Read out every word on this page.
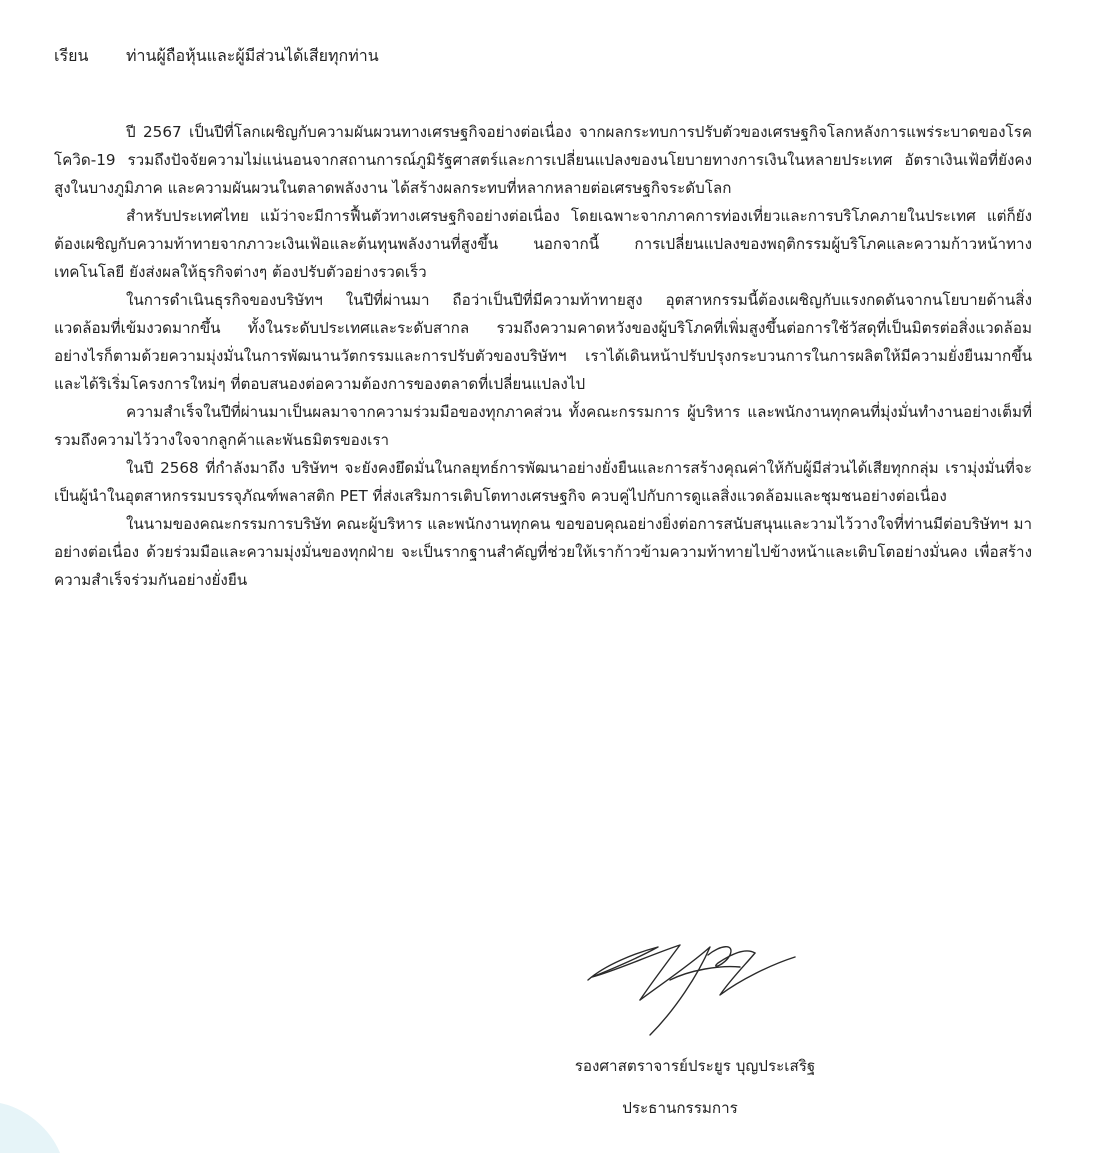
เรียน ท่านผู้ถือหุ้นและผู้มีส่วนได้เสียทุกท่าน

ปี 2567 เป็นปีที่โลกเผชิญกับความผันผวนทางเศรษฐกิจอย่างต่อเนื่อง จากผลกระทบการปรับตัวของเศรษฐกิจโลกหลังการแพร่ระบาดของโรคโควิด-19 รวมถึงปัจจัยความไม่แน่นอนจากสถานการณ์ภูมิรัฐศาสตร์และการเปลี่ยนแปลงของนโยบายทางการเงินในหลายประเทศ อัตราเงินเฟ้อที่ยังคงสูงในบางภูมิภาค และความผันผวนในตลาดพลังงาน ได้สร้างผลกระทบที่หลากหลายต่อเศรษฐกิจระดับโลก

สำหรับประเทศไทย แม้ว่าจะมีการฟื้นตัวทางเศรษฐกิจอย่างต่อเนื่อง โดยเฉพาะจากภาคการท่องเที่ยวและการบริโภคภายในประเทศ แต่ก็ยังต้องเผชิญกับความท้าทายจากภาวะเงินเฟ้อและต้นทุนพลังงานที่สูงขึ้น นอกจากนี้ การเปลี่ยนแปลงของพฤติกรรมผู้บริโภคและความก้าวหน้าทางเทคโนโลยี ยังส่งผลให้ธุรกิจต่างๆ ต้องปรับตัวอย่างรวดเร็ว

ในการดำเนินธุรกิจของบริษัทฯ ในปีที่ผ่านมา ถือว่าเป็นปีที่มีความท้าทายสูง อุตสาหกรรมนี้ต้องเผชิญกับแรงกดดันจากนโยบายด้านสิ่งแวดล้อมที่เข้มงวดมากขึ้น ทั้งในระดับประเทศและระดับสากล รวมถึงความคาดหวังของผู้บริโภคที่เพิ่มสูงขึ้นต่อการใช้วัสดุที่เป็นมิตรต่อสิ่งแวดล้อม อย่างไรก็ตามด้วยความมุ่งมั่นในการพัฒนานวัตกรรมและการปรับตัวของบริษัทฯ เราได้เดินหน้าปรับปรุงกระบวนการในการผลิตให้มีความยั่งยืนมากขึ้น และได้ริเริ่มโครงการใหม่ๆ ที่ตอบสนองต่อความต้องการของตลาดที่เปลี่ยนแปลงไป

ความสำเร็จในปีที่ผ่านมาเป็นผลมาจากความร่วมมือของทุกภาคส่วน ทั้งคณะกรรมการ ผู้บริหาร และพนักงานทุกคนที่มุ่งมั่นทำงานอย่างเต็มที่ รวมถึงความไว้วางใจจากลูกค้าและพันธมิตรของเรา

ในปี 2568 ที่กำลังมาถึง บริษัทฯ จะยังคงยึดมั่นในกลยุทธ์การพัฒนาอย่างยั่งยืนและการสร้างคุณค่าให้กับผู้มีส่วนได้เสียทุกกลุ่ม เรามุ่งมั่นที่จะเป็นผู้นำในอุตสาหกรรมบรรจุภัณฑ์พลาสติก PET ที่ส่งเสริมการเติบโตทางเศรษฐกิจ ควบคู่ไปกับการดูแลสิ่งแวดล้อมและชุมชนอย่างต่อเนื่อง

ในนามของคณะกรรมการบริษัท คณะผู้บริหาร และพนักงานทุกคน ขอขอบคุณอย่างยิ่งต่อการสนับสนุนและวามไว้วางใจที่ท่านมีต่อบริษัทฯ มาอย่างต่อเนื่อง ด้วยร่วมมือและความมุ่งมั่นของทุกฝ่าย จะเป็นรากฐานสำคัญที่ช่วยให้เราก้าวข้ามความท้าทายไปข้างหน้าและเติบโตอย่างมั่นคง เพื่อสร้างความสำเร็จร่วมกันอย่างยั่งยืน

รองศาสตราจารย์ประยูร บุญประเสริฐ
ประธานกรรมการ
